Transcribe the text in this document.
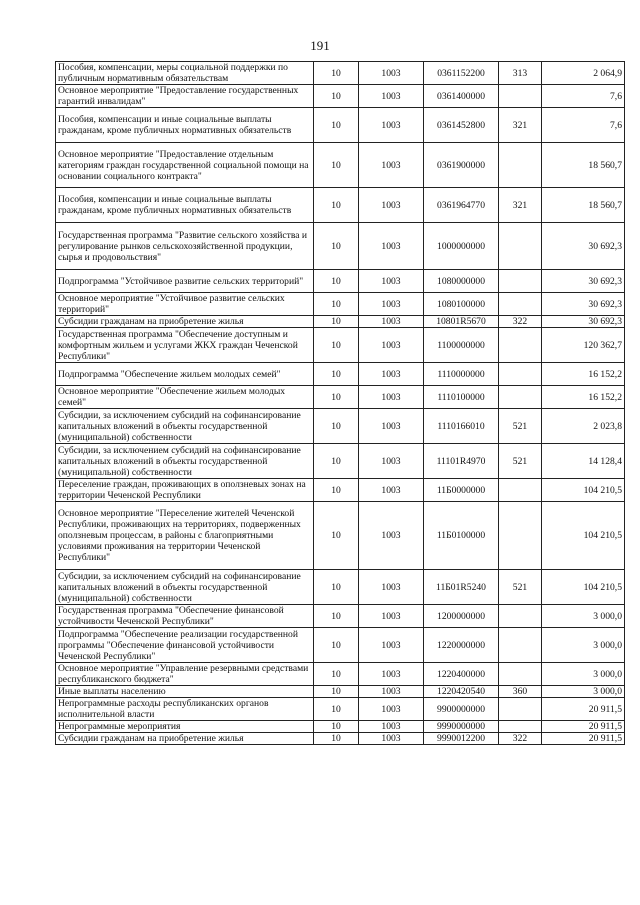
191
Пособия, компенсации, меры социальной поддержки по публичным нормативным обязательствам	10	1003	0361152200	313	2 064,9
Основное мероприятие "Предоставление государственных гарантий инвалидам"	10	1003	0361400000		7,6
Пособия, компенсации и иные социальные выплаты гражданам, кроме публичных нормативных обязательств	10	1003	0361452800	321	7,6
Основное мероприятие "Предоставление отдельным категориям граждан государственной социальной помощи на основании социального контракта"	10	1003	0361900000		18 560,7
Пособия, компенсации и иные социальные выплаты гражданам, кроме публичных нормативных обязательств	10	1003	0361964770	321	18 560,7
Государственная программа "Развитие сельского хозяйства и регулирование рынков сельскохозяйственной продукции, сырья и продовольствия"	10	1003	1000000000		30 692,3
Подпрограмма "Устойчивое развитие сельских территорий"	10	1003	1080000000		30 692,3
Основное мероприятие "Устойчивое развитие сельских территорий"	10	1003	1080100000		30 692,3
Субсидии гражданам на приобретение жилья	10	1003	10801R5670	322	30 692,3
Государственная программа "Обеспечение доступным и комфортным жильем и услугами ЖКХ граждан Чеченской Республики"	10	1003	1100000000		120 362,7
Подпрограмма "Обеспечение жильем молодых семей"	10	1003	1110000000		16 152,2
Основное мероприятие "Обеспечение жильем молодых семей"	10	1003	1110100000		16 152,2
Субсидии, за исключением субсидий на софинансирование капитальных вложений в объекты государственной (муниципальной) собственности	10	1003	1110166010	521	2 023,8
Субсидии, за исключением субсидий на софинансирование капитальных вложений в объекты государственной (муниципальной) собственности	10	1003	11101R4970	521	14 128,4
Переселение граждан, проживающих в оползневых зонах на территории Чеченской Республики	10	1003	11Б0000000		104 210,5
Основное мероприятие "Переселение жителей Чеченской Республики, проживающих на территориях, подверженных оползневым процессам, в районы с благоприятными условиями проживания на территории Чеченской Республики"	10	1003	11Б0100000		104 210,5
Субсидии, за исключением субсидий на софинансирование капитальных вложений в объекты государственной (муниципальной) собственности	10	1003	11Б01R5240	521	104 210,5
Государственная программа "Обеспечение финансовой устойчивости Чеченской Республики"	10	1003	1200000000		3 000,0
Подпрограмма "Обеспечение реализации государственной программы "Обеспечение финансовой устойчивости Чеченской Республики"	10	1003	1220000000		3 000,0
Основное мероприятие "Управление резервными средствами республиканского бюджета"	10	1003	1220400000		3 000,0
Иные выплаты населению	10	1003	1220420540	360	3 000,0
Непрограммные расходы республиканских органов исполнительной власти	10	1003	9900000000		20 911,5
Непрограммные мероприятия	10	1003	9990000000		20 911,5
Субсидии гражданам на приобретение жилья	10	1003	9990012200	322	20 911,5
